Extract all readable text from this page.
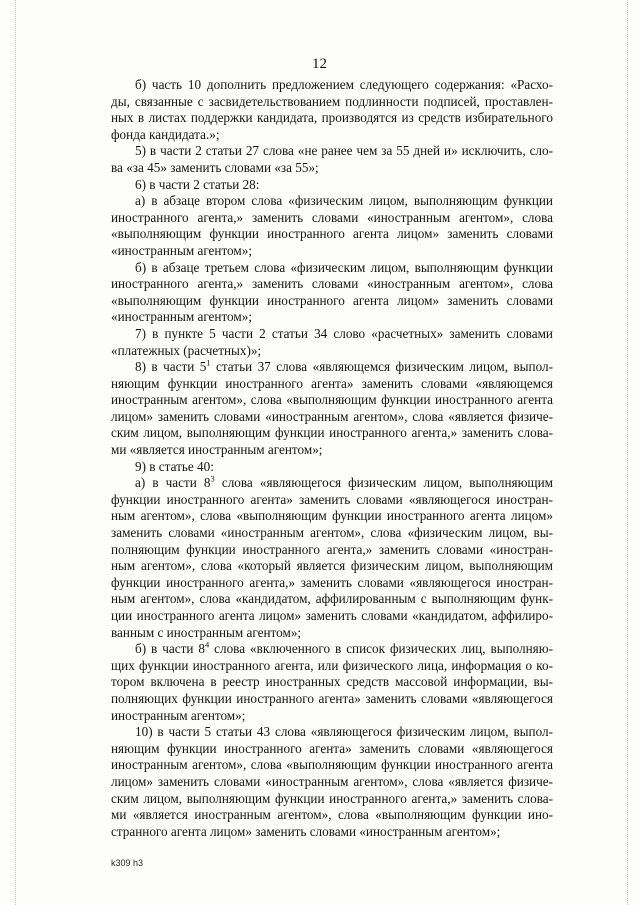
12
б) часть 10 дополнить предложением следующего содержания: «Расхо-
ды, связанные с засвидетельствованием подлинности подписей, проставлен-
ных в листах поддержки кандидата, производятся из средств избирательного
фонда кандидата.»;
5) в части 2 статьи 27 слова «не ранее чем за 55 дней и» исключить, сло-
ва «за 45» заменить словами «за 55»;
6) в части 2 статьи 28:
а) в абзаце втором слова «физическим лицом, выполняющим функции
иностранного агента,» заменить словами «иностранным агентом», слова
«выполняющим функции иностранного агента лицом» заменить словами
«иностранным агентом»;
б) в абзаце третьем слова «физическим лицом, выполняющим функции
иностранного агента,» заменить словами «иностранным агентом», слова
«выполняющим функции иностранного агента лицом» заменить словами
«иностранным агентом»;
7) в пункте 5 части 2 статьи 34 слово «расчетных» заменить словами
«платежных (расчетных)»;
8) в части $5^1$ статьи 37 слова «являющемся физическим лицом, выпол-
няющим функции иностранного агента» заменить словами «являющемся
иностранным агентом», слова «выполняющим функции иностранного агента
лицом» заменить словами «иностранным агентом», слова «является физиче-
ским лицом, выполняющим функции иностранного агента,» заменить слова-
ми «является иностранным агентом»;
9) в статье 40:
а) в части $8^3$ слова «являющегося физическим лицом, выполняющим
функции иностранного агента» заменить словами «являющегося иностран-
ным агентом», слова «выполняющим функции иностранного агента лицом»
заменить словами «иностранным агентом», слова «физическим лицом, вы-
полняющим функции иностранного агента,» заменить словами «иностран-
ным агентом», слова «который является физическим лицом, выполняющим
функции иностранного агента,» заменить словами «являющегося иностран-
ным агентом», слова «кандидатом, аффилированным с выполняющим функ-
ции иностранного агента лицом» заменить словами «кандидатом, аффилиро-
ванным с иностранным агентом»;
б) в части $8^4$ слова «включенного в список физических лиц, выполняю-
щих функции иностранного агента, или физического лица, информация о ко-
тором включена в реестр иностранных средств массовой информации, вы-
полняющих функции иностранного агента» заменить словами «являющегося
иностранным агентом»;
10) в части 5 статьи 43 слова «являющегося физическим лицом, выпол-
няющим функции иностранного агента» заменить словами «являющегося
иностранным агентом», слова «выполняющим функции иностранного агента
лицом» заменить словами «иностранным агентом», слова «является физиче-
ским лицом, выполняющим функции иностранного агента,» заменить слова-
ми «является иностранным агентом», слова «выполняющим функции ино-
странного агента лицом» заменить словами «иностранным агентом»;
k309 h3
